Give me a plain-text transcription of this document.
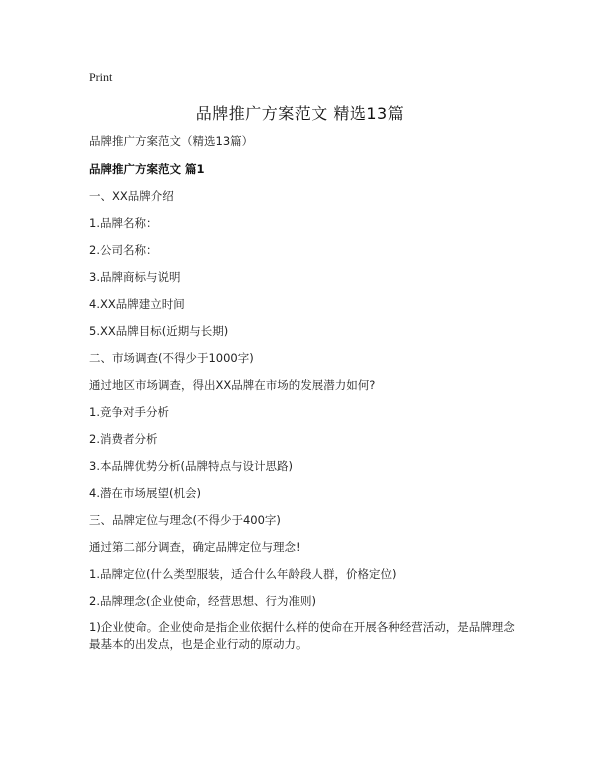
Print
品牌推广方案范文 精选13篇
品牌推广方案范文（精选13篇）
品牌推广方案范文 篇1
一、XX品牌介绍
1.品牌名称：
2.公司名称：
3.品牌商标与说明
4.XX品牌建立时间
5.XX品牌目标(近期与长期)
二、市场调查(不得少于1000字)
通过地区市场调查，得出XX品牌在市场的发展潜力如何?
1.竞争对手分析
2.消费者分析
3.本品牌优势分析(品牌特点与设计思路)
4.潜在市场展望(机会)
三、品牌定位与理念(不得少于400字)
通过第二部分调查，确定品牌定位与理念!
1.品牌定位(什么类型服装，适合什么年龄段人群，价格定位)
2.品牌理念(企业使命，经营思想、行为准则)
1)企业使命。企业使命是指企业依据什么样的使命在开展各种经营活动，是品牌理念最基本的出发点，也是企业行动的原动力。
